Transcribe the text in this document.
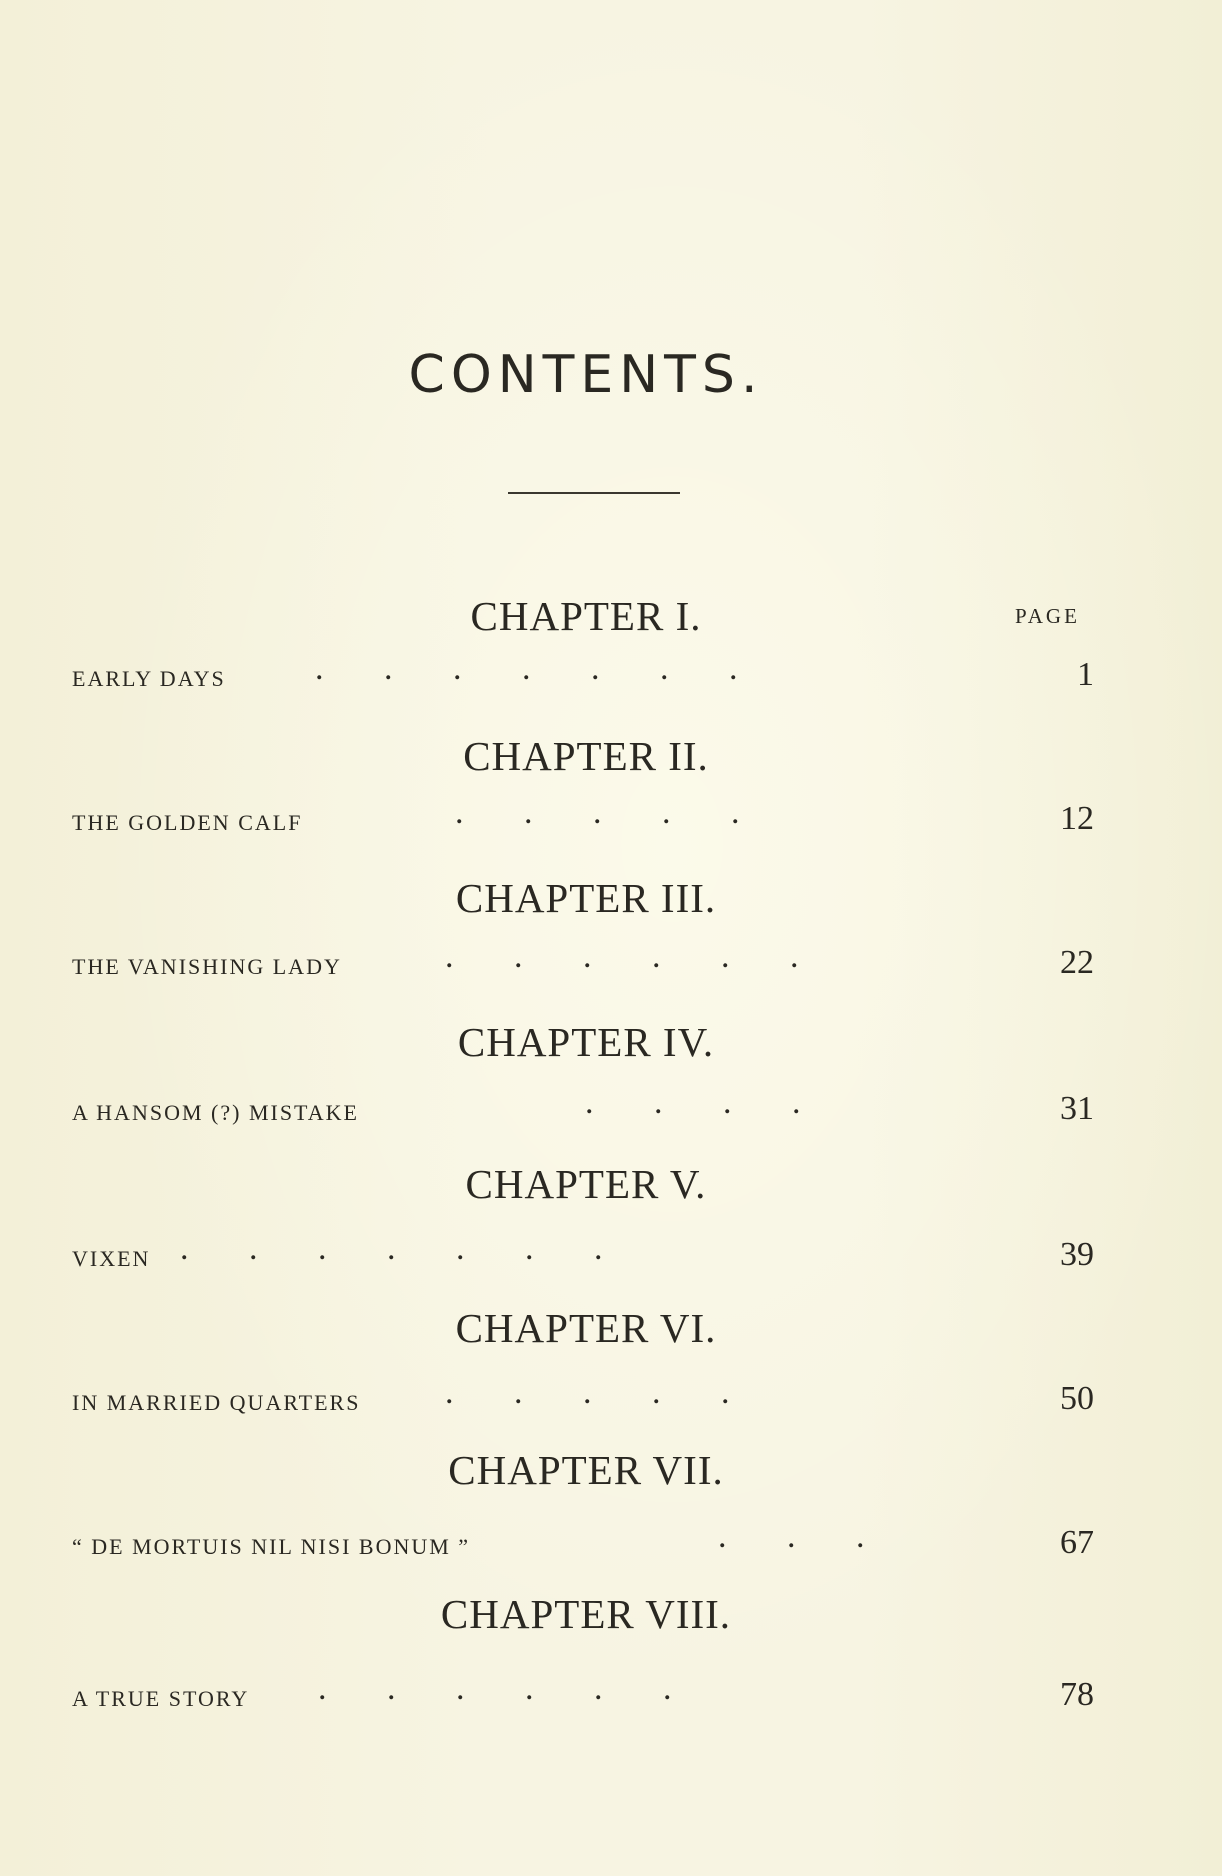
CONTENTS.
PAGE
CHAPTER I.
EARLY DAYS	. . . . . . .	1
CHAPTER II.
THE GOLDEN CALF	. . . . .	12
CHAPTER III.
THE VANISHING LADY	. . . . . .	22
CHAPTER IV.
A HANSOM (?) MISTAKE	. . . .	31
CHAPTER V.
VIXEN . . . . . . .	39
CHAPTER VI.
IN MARRIED QUARTERS . . . . .	50
CHAPTER VII.
“ DE MORTUIS NIL NISI BONUM ”	. . .	67
CHAPTER VIII.
A TRUE STORY . . . . . .	78
